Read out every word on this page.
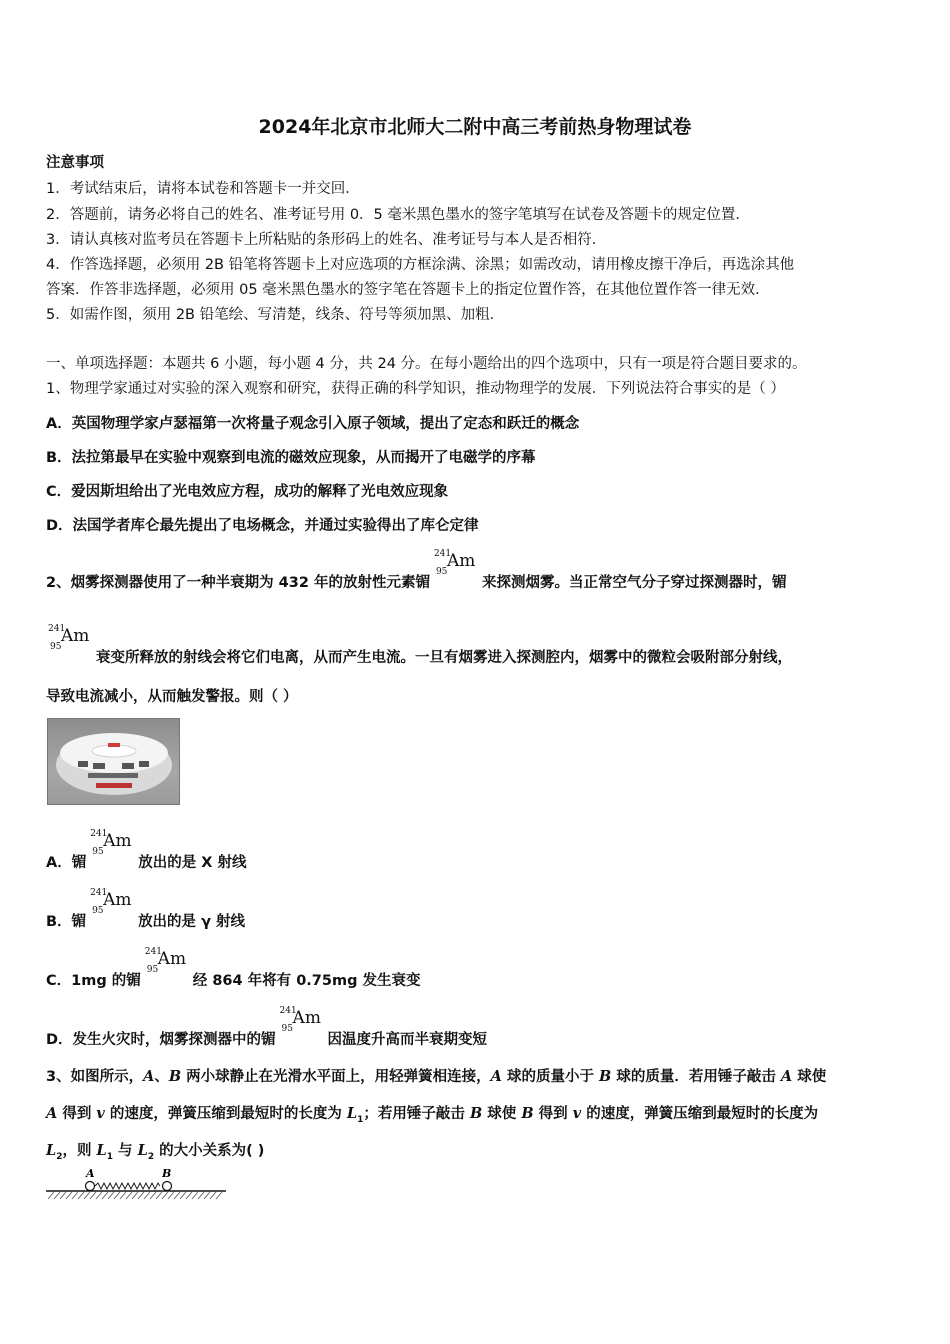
2024年北京市北师大二附中高三考前热身物理试卷
注意事项
1．考试结束后，请将本试卷和答题卡一并交回．
2．答题前，请务必将自己的姓名、准考证号用 0．5 毫米黑色墨水的签字笔填写在试卷及答题卡的规定位置．
3．请认真核对监考员在答题卡上所粘贴的条形码上的姓名、准考证号与本人是否相符．
4．作答选择题，必须用 2B 铅笔将答题卡上对应选项的方框涂满、涂黑；如需改动，请用橡皮擦干净后，再选涂其他
答案．作答非选择题，必须用 05 毫米黑色墨水的签字笔在答题卡上的指定位置作答，在其他位置作答一律无效．
5．如需作图，须用 2B 铅笔绘、写清楚，线条、符号等须加黑、加粗．
一、单项选择题：本题共 6 小题，每小题 4 分，共 24 分。在每小题给出的四个选项中，只有一项是符合题目要求的。
1、物理学家通过对实验的深入观察和研究，获得正确的科学知识，推动物理学的发展．下列说法符合事实的是（ ）
A．英国物理学家卢瑟福第一次将量子观念引入原子领域，提出了定态和跃迁的概念
B．法拉第最早在实验中观察到电流的磁效应现象，从而揭开了电磁学的序幕
C．爱因斯坦给出了光电效应方程，成功的解释了光电效应现象
D．法国学者库仑最先提出了电场概念，并通过实验得出了库仑定律
2、烟雾探测器使用了一种半衰期为 432 年的放射性元素镅
241
95
Am
来探测烟雾。当正常空气分子穿过探测器时，镅
241
95
Am
衰变所释放的射线会将它们电离，从而产生电流。一旦有烟雾进入探测腔内，烟雾中的微粒会吸附部分射线，
导致电流减小，从而触发警报。则（ ）
A．镅
241
95
Am
放出的是 X 射线
B．镅
241
95
Am
放出的是 γ 射线
C．1mg 的镅
241
95
Am
经 864 年将有 0.75mg 发生衰变
D．发生火灾时，烟雾探测器中的镅
241
95
Am
因温度升高而半衰期变短
3、如图所示，A、B 两小球静止在光滑水平面上，用轻弹簧相连接，A 球的质量小于 B 球的质量．若用锤子敲击 A 球使
A 得到 v 的速度，弹簧压缩到最短时的长度为 $L_1$；若用锤子敲击 B 球使 B 得到 v 的速度，弹簧压缩到最短时的长度为
$L_2$，则 $L_1$ 与 $L_2$ 的大小关系为( )
A	B
